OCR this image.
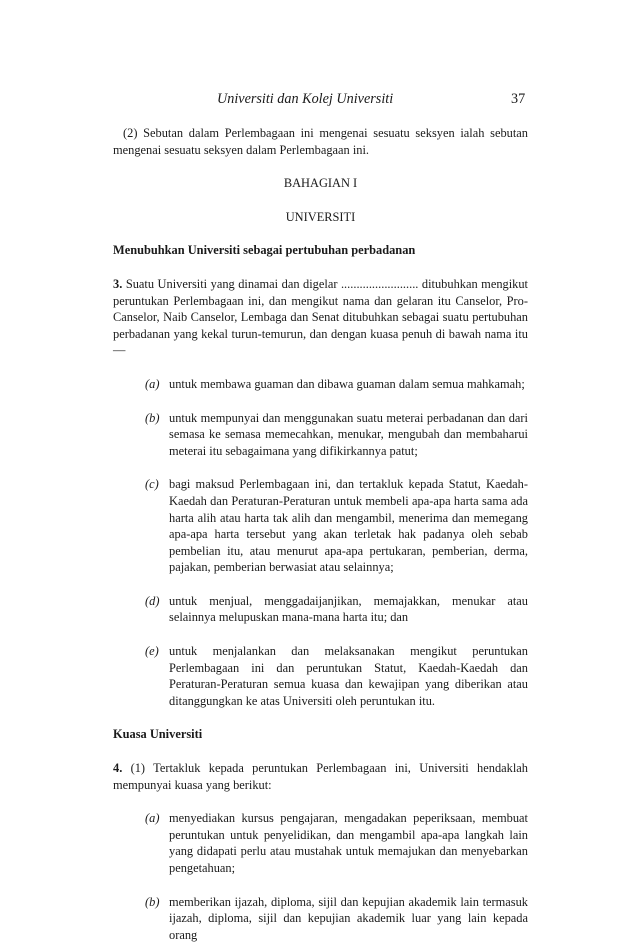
Universiti dan Kolej Universiti	37

(2) Sebutan dalam Perlembagaan ini mengenai sesuatu seksyen ialah sebutan mengenai sesuatu seksyen dalam Perlembagaan ini.

BAHAGIAN I

UNIVERSITI

Menubuhkan Universiti sebagai pertubuhan perbadanan

3. Suatu Universiti yang dinamai dan digelar ......................... ditubuhkan mengikut peruntukan Perlembagaan ini, dan mengikut nama dan gelaran itu Canselor, Pro-Canselor, Naib Canselor, Lembaga dan Senat ditubuhkan sebagai suatu pertubuhan perbadanan yang kekal turun-temurun, dan dengan kuasa penuh di bawah nama itu—

(a) untuk membawa guaman dan dibawa guaman dalam semua mahkamah;
(b) untuk mempunyai dan menggunakan suatu meterai perbadanan dan dari semasa ke semasa memecahkan, menukar, mengubah dan membaharui meterai itu sebagaimana yang difikirkannya patut;
(c) bagi maksud Perlembagaan ini, dan tertakluk kepada Statut, Kaedah-Kaedah dan Peraturan-Peraturan untuk membeli apa-apa harta sama ada harta alih atau harta tak alih dan mengambil, menerima dan memegang apa-apa harta tersebut yang akan terletak hak padanya oleh sebab pembelian itu, atau menurut apa-apa pertukaran, pemberian, derma, pajakan, pemberian berwasiat atau selainnya;
(d) untuk menjual, menggadaijanjikan, memajakkan, menukar atau selainnya melupuskan mana-mana harta itu; dan
(e) untuk menjalankan dan melaksanakan mengikut peruntukan Perlembagaan ini dan peruntukan Statut, Kaedah-Kaedah dan Peraturan-Peraturan semua kuasa dan kewajipan yang diberikan atau ditanggungkan ke atas Universiti oleh peruntukan itu.

Kuasa Universiti

4. (1) Tertakluk kepada peruntukan Perlembagaan ini, Universiti hendaklah mempunyai kuasa yang berikut:

(a) menyediakan kursus pengajaran, mengadakan peperiksaan, membuat peruntukan untuk penyelidikan, dan mengambil apa-apa langkah lain yang didapati perlu atau mustahak untuk memajukan dan menyebarkan pengetahuan;
(b) memberikan ijazah, diploma, sijil dan kepujian akademik lain termasuk ijazah, diploma, sijil dan kepujian akademik luar yang lain kepada orang
